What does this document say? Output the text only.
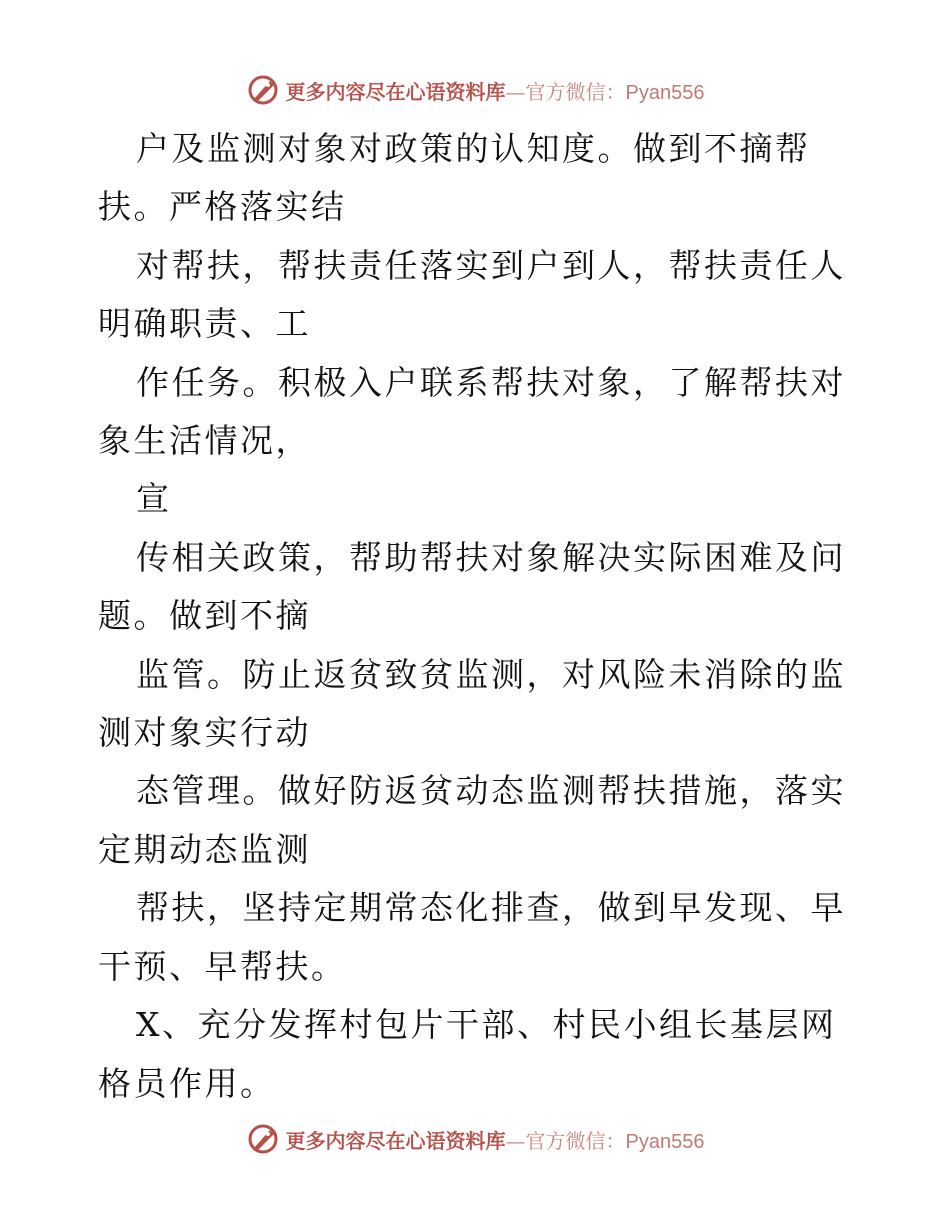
更多内容尽在心语资料库—官方微信：Pyan556

户及监测对象对政策的认知度。做到不摘帮扶。严格落实结

对帮扶，帮扶责任落实到户到人，帮扶责任人明确职责、工

作任务。积极入户联系帮扶对象，了解帮扶对象生活情况，

宣

传相关政策，帮助帮扶对象解决实际困难及问题。做到不摘

监管。防止返贫致贫监测，对风险未消除的监测对象实行动

态管理。做好防返贫动态监测帮扶措施，落实定期动态监测

帮扶，坚持定期常态化排查，做到早发现、早干预、早帮扶。

X、充分发挥村包片干部、村民小组长基层网格员作用。

更多内容尽在心语资料库—官方微信：Pyan556
